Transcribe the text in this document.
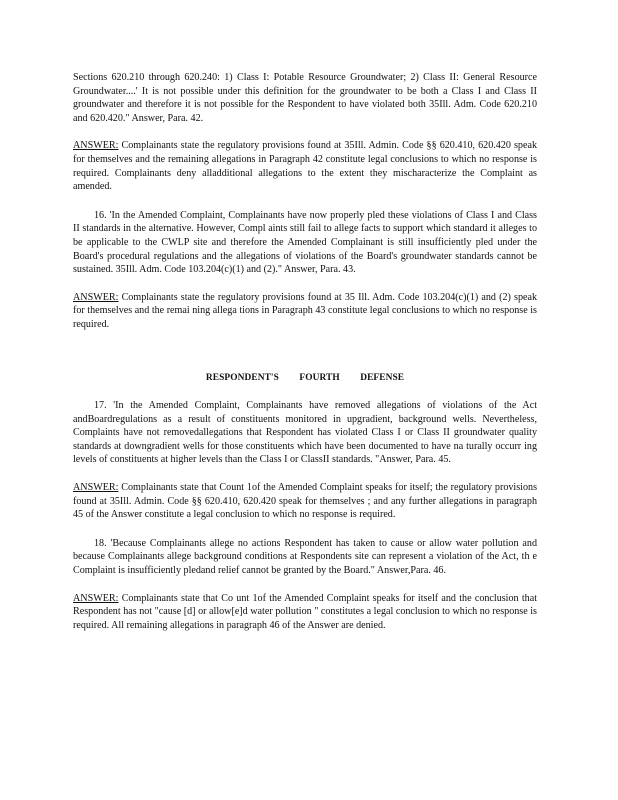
Sections 620.210 through 620.240: 1) Class I: Potable Resource Groundwater; 2) Class II: General Resource Groundwater....' It is not possible under this definition for the groundwater to be both a Class I and Class II groundwater and therefore it is not possible for the Respondent to have violated both 35Ill. Adm. Code 620.210 and 620.420." Answer, Para. 42.

ANSWER: Complainants state the regulatory provisions found at 35Ill. Admin. Code §§ 620.410, 620.420 speak for themselves and the remaining allegations in Paragraph 42 constitute legal conclusions to which no response is required. Complainants deny alladditional allegations to the extent they mischaracterize the Complaint as amended.

16. 'In the Amended Complaint, Complainants have now properly pled these violations of Class I and Class II standards in the alternative. However, Compl aints still fail to allege facts to support which standard it alleges to be applicable to the CWLP site and therefore the Amended Complainant is still insufficiently pled under the Board's procedural regulations and the allegations of violations of the Board's groundwater standards cannot be sustained. 35Ill. Adm. Code 103.204(c)(1) and (2)." Answer, Para. 43.

ANSWER: Complainants state the regulatory provisions found at 35 Ill. Adm. Code 103.204(c)(1) and (2) speak for themselves and the remai ning allega tions in Paragraph 43 constitute legal conclusions to which no response is required.

RESPONDENT'S FOURTH DEFENSE

17. 'In the Amended Complaint, Complainants have removed allegations of violations of the Act andBoardregulations as a result of constituents monitored in upgradient, background wells. Nevertheless, Complaints have not removedallegations that Respondent has violated Class I or Class II groundwater quality standards at downgradient wells for those constituents which have been documented to have na turally occurr ing levels of constituents at higher levels than the Class I or ClassII standards. "Answer, Para. 45.

ANSWER: Complainants state that Count 1of the Amended Complaint speaks for itself; the regulatory provisions found at 35Ill. Admin. Code §§ 620.410, 620.420 speak for themselves ; and any further allegations in paragraph 45 of the Answer constitute a legal conclusion to which no response is required.

18. 'Because Complainants allege no actions Respondent has taken to cause or allow water pollution and because Complainants allege background conditions at Respondents site can represent a violation of the Act, th e Complaint is insufficiently pledand relief cannot be granted by the Board." Answer,Para. 46.

ANSWER: Complainants state that Co unt 1of the Amended Complaint speaks for itself and the conclusion that Respondent has not "cause [d] or allow[e]d water pollution " constitutes a legal conclusion to which no response is required. All remaining allegations in paragraph 46 of the Answer are denied.
